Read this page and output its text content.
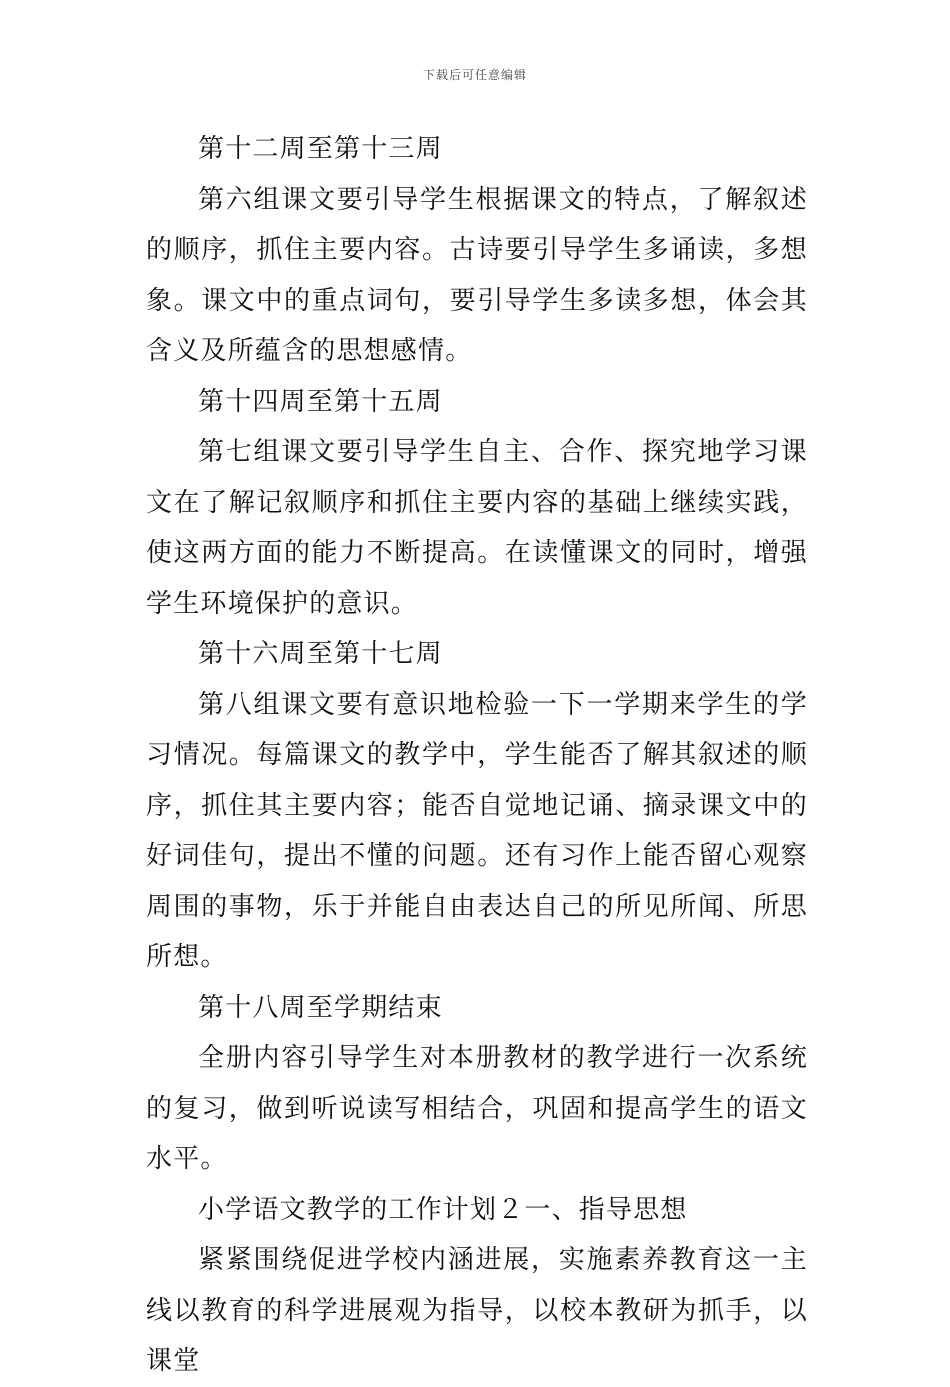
下载后可任意编辑

第十二周至第十三周

第六组课文要引导学生根据课文的特点，了解叙述的顺序，抓住主要内容。古诗要引导学生多诵读，多想象。课文中的重点词句，要引导学生多读多想，体会其含义及所蕴含的思想感情。

第十四周至第十五周

第七组课文要引导学生自主、合作、探究地学习课文在了解记叙顺序和抓住主要内容的基础上继续实践，使这两方面的能力不断提高。在读懂课文的同时，增强学生环境保护的意识。

第十六周至第十七周

第八组课文要有意识地检验一下一学期来学生的学习情况。每篇课文的教学中，学生能否了解其叙述的顺序，抓住其主要内容；能否自觉地记诵、摘录课文中的好词佳句，提出不懂的问题。还有习作上能否留心观察周围的事物，乐于并能自由表达自己的所见所闻、所思所想。

第十八周至学期结束

全册内容引导学生对本册教材的教学进行一次系统的复习，做到听说读写相结合，巩固和提高学生的语文水平。

小学语文教学的工作计划２一、指导思想

紧紧围绕促进学校内涵进展，实施素养教育这一主线以教育的科学进展观为指导，以校本教研为抓手，以课堂
